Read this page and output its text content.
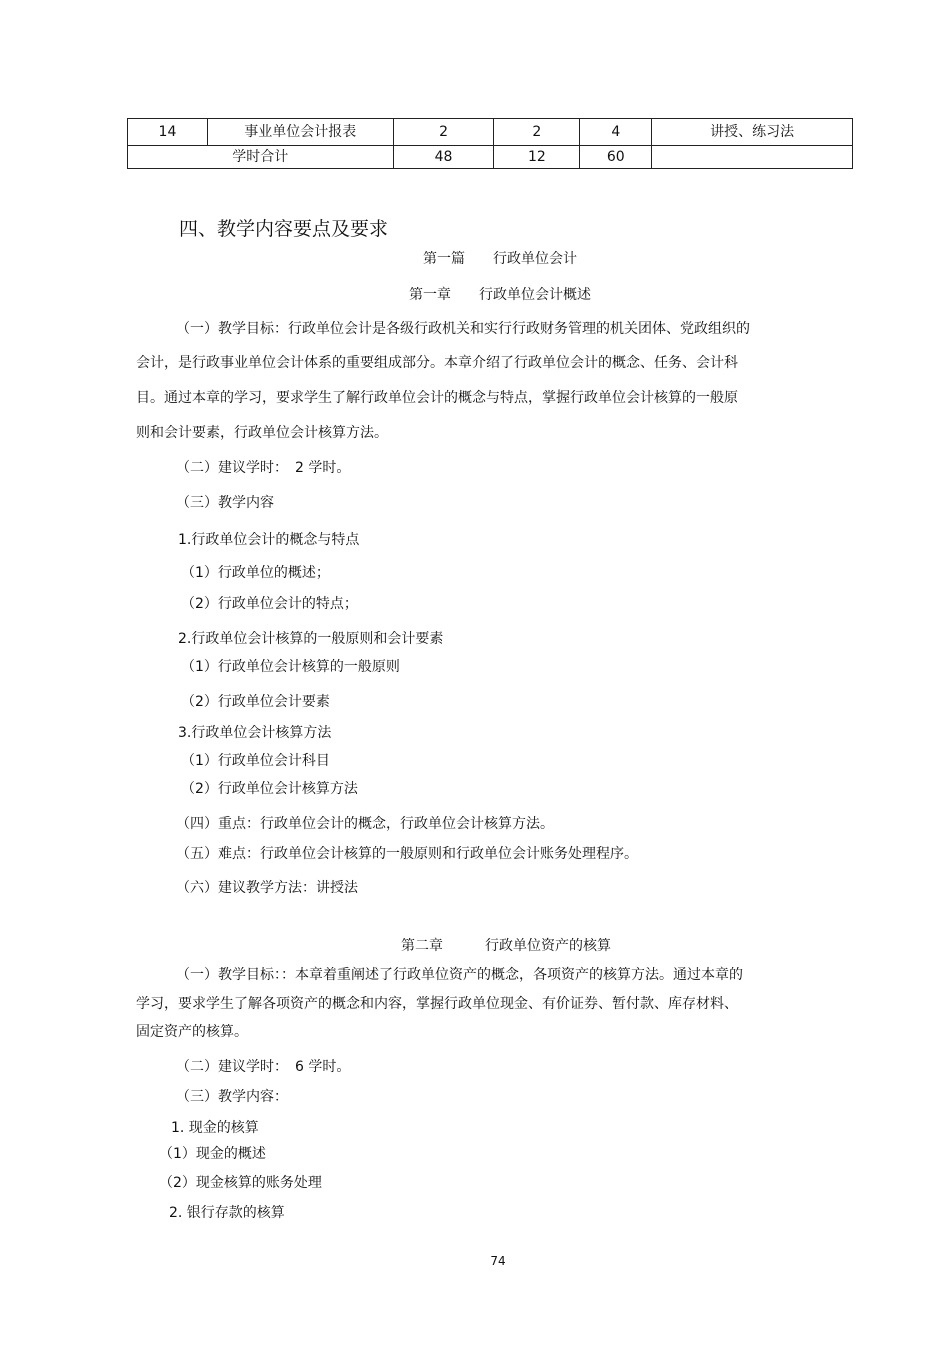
14	事业单位会计报表	2	2	4	讲授、练习法
学时合计		48	12	60	
四、教学内容要点及要求
第一篇　　行政单位会计
第一章　　行政单位会计概述
（一）教学目标：行政单位会计是各级行政机关和实行行政财务管理的机关团体、党政组织的
会计，是行政事业单位会计体系的重要组成部分。本章介绍了行政单位会计的概念、任务、会计科
目。通过本章的学习，要求学生了解行政单位会计的概念与特点，掌握行政单位会计核算的一般原
则和会计要素，行政单位会计核算方法。
（二）建议学时：　2 学时。
（三）教学内容
1.行政单位会计的概念与特点
（1）行政单位的概述；
（2）行政单位会计的特点；
2.行政单位会计核算的一般原则和会计要素
（1）行政单位会计核算的一般原则
（2）行政单位会计要素
3.行政单位会计核算方法
（1）行政单位会计科目
（2）行政单位会计核算方法
（四）重点：行政单位会计的概念，行政单位会计核算方法。
（五）难点：行政单位会计核算的一般原则和行政单位会计账务处理程序。
（六）建议教学方法：讲授法
第二章　　　行政单位资产的核算
（一）教学目标：：本章着重阐述了行政单位资产的概念，各项资产的核算方法。通过本章的
学习，要求学生了解各项资产的概念和内容，掌握行政单位现金、有价证券、暂付款、库存材料、
固定资产的核算。
（二）建议学时：　6 学时。
（三）教学内容：
1. 现金的核算
（1）现金的概述
（2）现金核算的账务处理
2. 银行存款的核算
74
